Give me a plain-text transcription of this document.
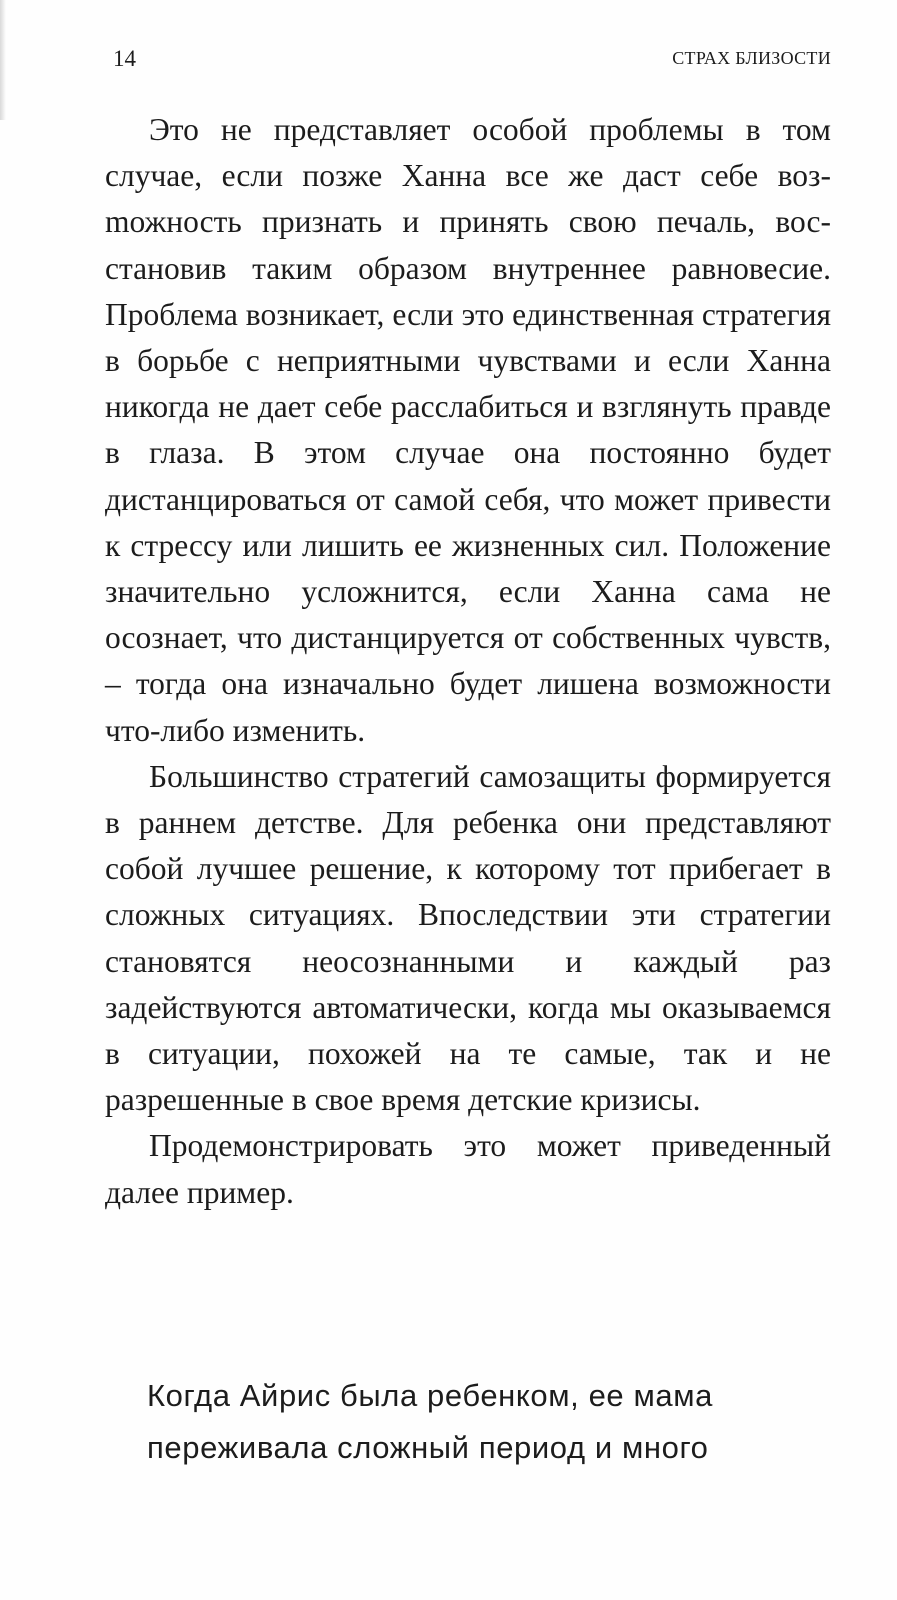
14	СТРАХ БЛИЗОСТИ

Это не представляет особой проблемы в том случае, если позже Ханна все же даст себе возmожность признать и принять свою печаль, восстановив таким образом внутреннее равновесие. Проблема возникает, если это единственная стратегия в борьбе с неприятными чувствами и если Ханна никогда не дает себе расслабиться и взглянуть правде в глаза. В этом случае она постоянно будет дистанцироваться от самой себя, что может привести к стрессу или лишить ее жизненных сил. Положение значительно усложнится, если Ханна сама не осознает, что дистанцируется от собственных чувств, – тогда она изначально будет лишена возможности что-либо изменить.

Большинство стратегий самозащиты формируется в раннем детстве. Для ребенка они представляют собой лучшее решение, к которому тот прибегает в сложных ситуациях. Впоследствии эти стратегии становятся неосознанными и каждый раз задействуются автоматически, когда мы оказываемся в ситуации, похожей на те самые, так и не разрешенные в свое время детские кризисы.

Продемонстрировать это может приведенный далее пример.

Когда Айрис была ребенком, ее мама
переживала сложный период и много
